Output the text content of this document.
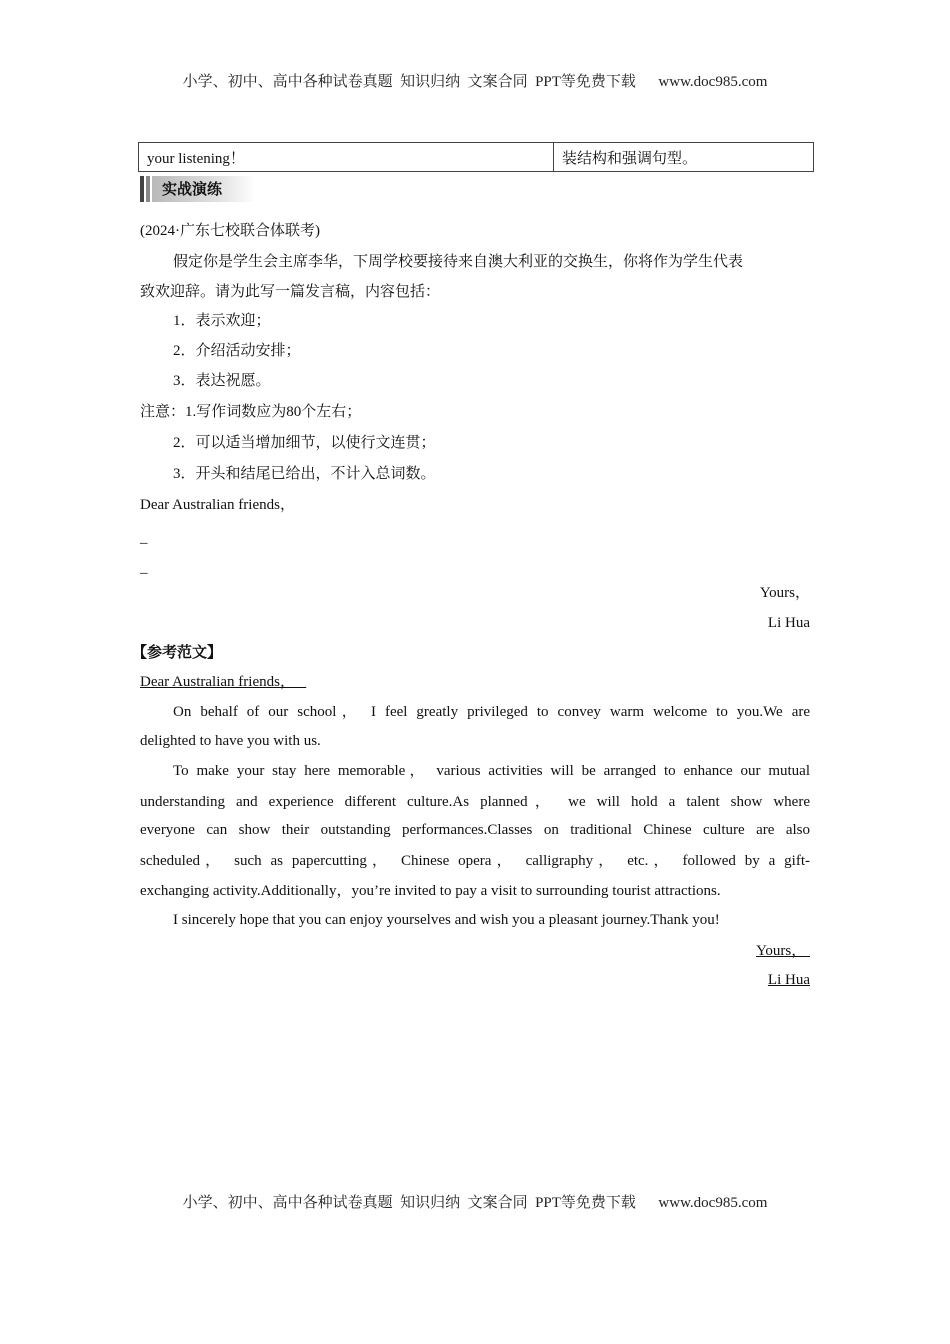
小学、初中、高中各种试卷真题  知识归纳  文案合同  PPT等免费下载      www.doc985.com
your listening！	装结构和强调句型。
实战演练
(2024·广东七校联合体联考)
假定你是学生会主席李华，下周学校要接待来自澳大利亚的交换生，你将作为学生代表
致欢迎辞。请为此写一篇发言稿，内容包括：
1．表示欢迎；
2．介绍活动安排；
3．表达祝愿。
注意：1.写作词数应为80个左右；
2．可以适当增加细节，以使行文连贯；
3．开头和结尾已给出，不计入总词数。
Dear Australian friends，
_
_
Yours，
Li Hua
【参考范文】
Dear Australian friends，
On behalf of our school， I feel greatly privileged to convey warm welcome to you.We are
delighted to have you with us.
To make your stay here memorable， various activities will be arranged to enhance our mutual
understanding and experience different culture.As planned， we will hold a talent show where
everyone can show their outstanding performances.Classes on traditional Chinese culture are also
scheduled， such as papercutting， Chinese opera， calligraphy， etc.， followed by a gift-
exchanging activity.Additionally，you’re invited to pay a visit to surrounding tourist attractions.
I sincerely hope that you can enjoy yourselves and wish you a pleasant journey.Thank you!
Yours，
Li Hua
小学、初中、高中各种试卷真题  知识归纳  文案合同  PPT等免费下载      www.doc985.com
